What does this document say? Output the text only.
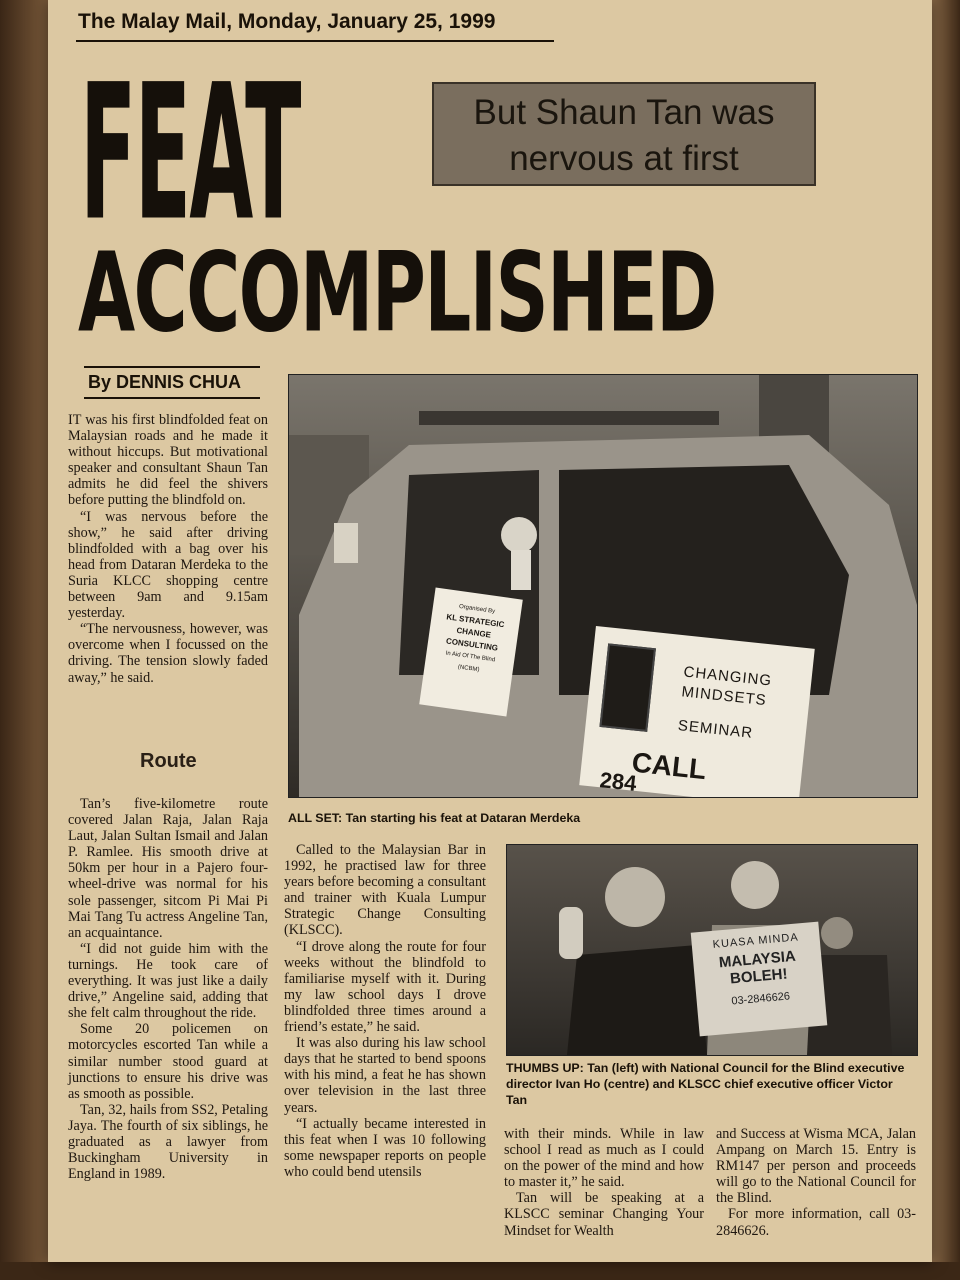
The Malay Mail, Monday, January 25, 1999
FEAT
ACCOMPLISHED
But Shaun Tan was
nervous at first
By DENNIS CHUA

IT was his first blindfolded feat on Malaysian roads and he made it without hiccups. But motivational speaker and consultant Shaun Tan admits he did feel the shivers before putting the blindfold on.

“I was nervous before the show,” he said after driving blindfolded with a bag over his head from Dataran Merdeka to the Suria KLCC shopping centre between 9am and 9.15am yesterday.

“The nervousness, however, was overcome when I focussed on the driving. The tension slowly faded away,” he said.

Route

Tan’s five-kilometre route covered Jalan Raja, Jalan Raja Laut, Jalan Sultan Ismail and Jalan P. Ramlee. His smooth drive at 50km per hour in a Pajero four-wheel-drive was normal for his sole passenger, sitcom Pi Mai Pi Mai Tang Tu actress Angeline Tan, an acquaintance.

“I did not guide him with the turnings. He took care of everything. It was just like a daily drive,” Angeline said, adding that she felt calm throughout the ride.

Some 20 policemen on motorcycles escorted Tan while a similar number stood guard at junctions to ensure his drive was as smooth as possible.

Tan, 32, hails from SS2, Petaling Jaya. The fourth of six siblings, he graduated as a lawyer from Buckingham University in England in 1989.

Organised By
KL STRATEGIC
CHANGE CONSULTING
In Aid Of The Blind
(NCBM)	CHANGING
MINDSETS
SEMINAR
CALL
284
ALL SET: Tan starting his feat at Dataran Merdeka

Called to the Malaysian Bar in 1992, he practised law for three years before becoming a consultant and trainer with Kuala Lumpur Strategic Change Consulting (KLSCC).

“I drove along the route for four weeks without the blindfold to familiarise myself with it. During my law school days I drove blindfolded three times around a friend’s estate,” he said.

It was also during his law school days that he started to bend spoons with his mind, a feat he has shown over television in the last three years.

“I actually became interested in this feat when I was 10 following some newspaper reports on people who could bend utensils

KUASA MINDA
MALAYSIA
BOLEH!
03-2846626
THUMBS UP: Tan (left) with National Council for the Blind executive director Ivan Ho (centre) and KLSCC chief executive officer Victor Tan

with their minds. While in law school I read as much as I could on the power of the mind and how to master it,” he said.

Tan will be speaking at a KLSCC seminar Changing Your Mindset for Wealth

and Success at Wisma MCA, Jalan Ampang on March 15. Entry is RM147 per person and proceeds will go to the National Council for the Blind.

For more information, call 03-2846626.
